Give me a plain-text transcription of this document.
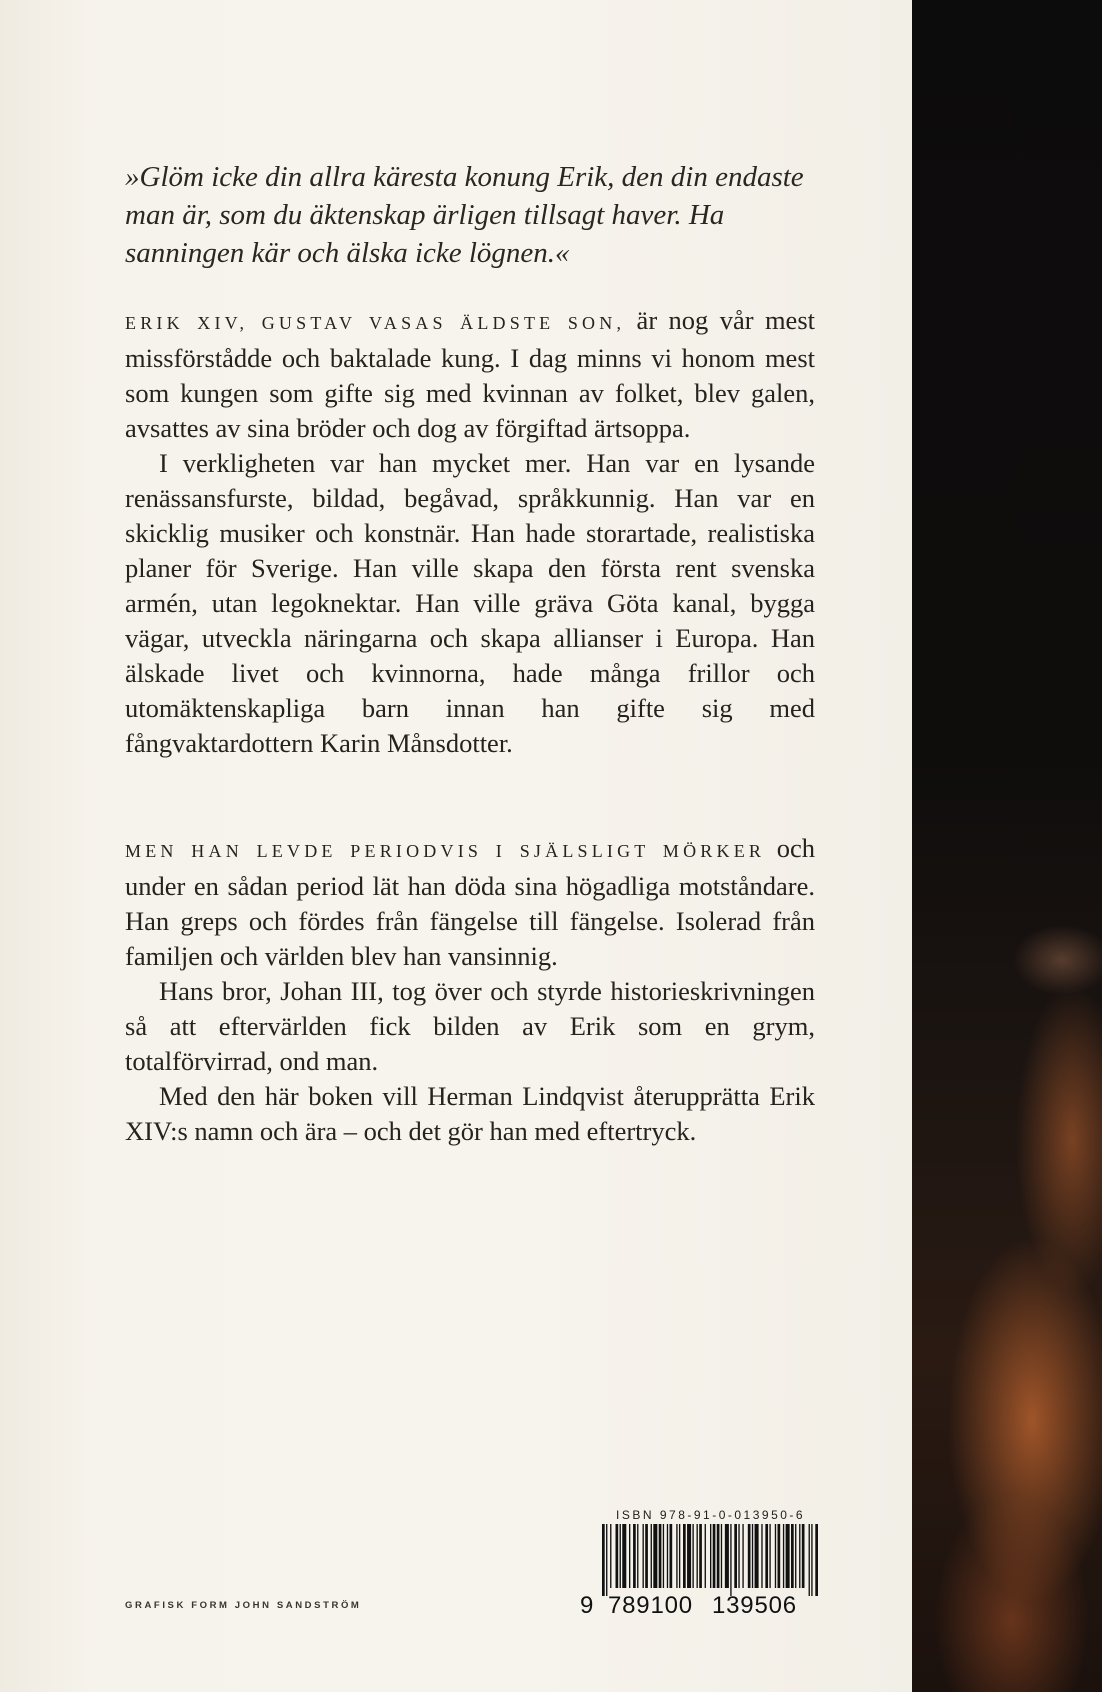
»Glöm icke din allra käresta konung Erik, den din endaste man är, som du äktenskap ärligen tillsagt haver. Ha sanningen kär och älska icke lögnen.«

ERIK XIV, GUSTAV VASAS ÄLDSTE SON, är nog vår mest missförstådde och baktalade kung. I dag minns vi honom mest som kungen som gifte sig med kvinnan av folket, blev galen, avsattes av sina bröder och dog av förgiftad ärtsoppa.

I verkligheten var han mycket mer. Han var en lysande renässansfurste, bildad, begåvad, språkkunnig. Han var en skicklig musiker och konstnär. Han hade storartade, realistiska planer för Sverige. Han ville skapa den första rent svenska armén, utan legoknektar. Han ville gräva Göta kanal, bygga vägar, utveckla näringarna och skapa allianser i Europa. Han älskade livet och kvinnorna, hade många frillor och utomäktenskapliga barn innan han gifte sig med fångvaktardottern Karin Månsdotter.

MEN HAN LEVDE PERIODVIS I SJÄLSLIGT MÖRKER och under en sådan period lät han döda sina högadliga motståndare. Han greps och fördes från fängelse till fängelse. Isolerad från familjen och världen blev han vansinnig.

Hans bror, Johan III, tog över och styrde historieskrivningen så att eftervärlden fick bilden av Erik som en grym, totalförvirrad, ond man.

Med den här boken vill Herman Lindqvist återupprätta Erik XIV:s namn och ära – och det gör han med eftertryck.

GRAFISK FORM JOHN SANDSTRÖM
ISBN 978-91-0-013950-6
9 789100 139506
